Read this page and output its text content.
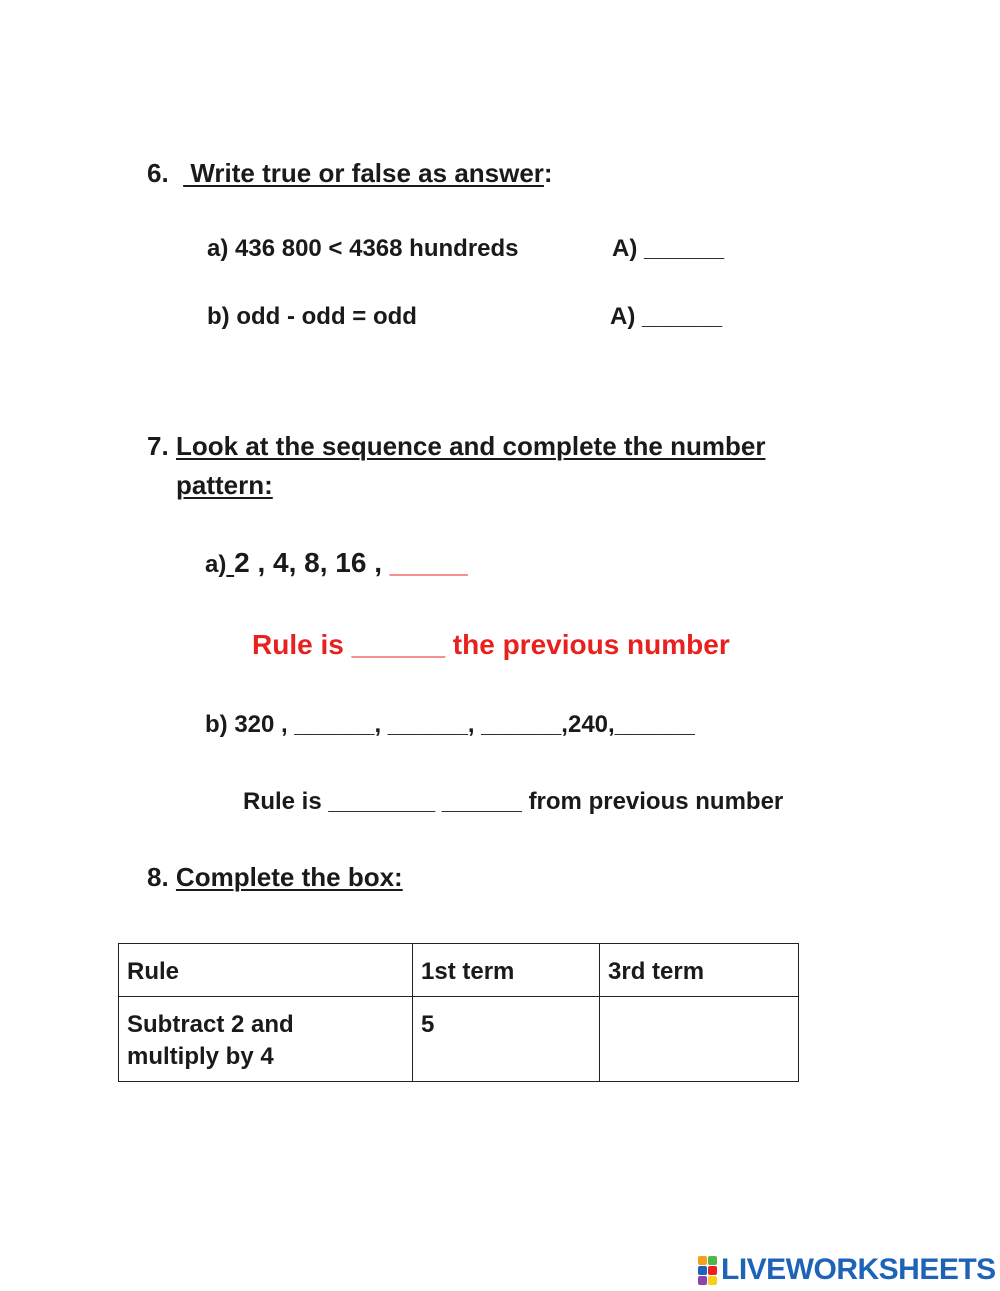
6.   Write true or false as answer:
a) 436 800 < 4368 hundreds	A) ______
b) odd - odd = odd	A) ______
7. Look at the sequence and complete the number
pattern:
a) 2 , 4, 8, 16 , _____
Rule is ______ the previous number
b) 320 , ______, ______, ______,240,______
Rule is ________ ______ from previous number
8. Complete the box:
Rule	1st term	3rd term

Subtract 2 and
multiply by 4	5	
LIVEWORKSHEETS
